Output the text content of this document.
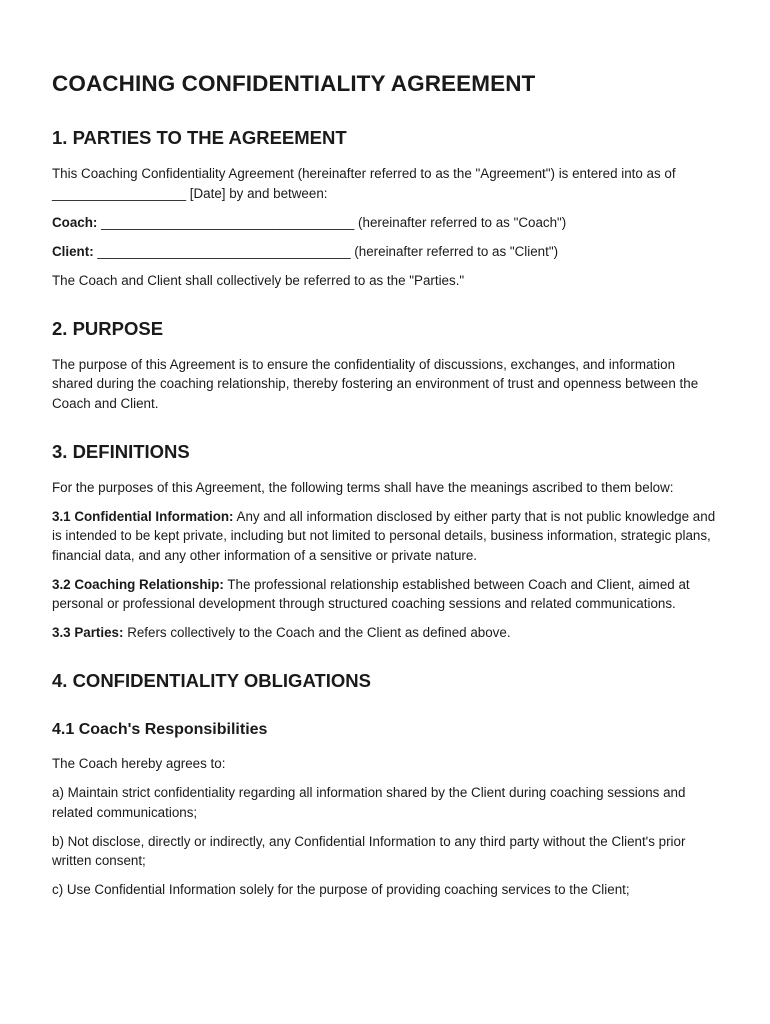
COACHING CONFIDENTIALITY AGREEMENT
1. PARTIES TO THE AGREEMENT

This Coaching Confidentiality Agreement (hereinafter referred to as the "Agreement") is entered into as of __________________ [Date] by and between:

Coach: __________________________________ (hereinafter referred to as "Coach")

Client: __________________________________ (hereinafter referred to as "Client")

The Coach and Client shall collectively be referred to as the "Parties."

2. PURPOSE

The purpose of this Agreement is to ensure the confidentiality of discussions, exchanges, and information shared during the coaching relationship, thereby fostering an environment of trust and openness between the Coach and Client.

3. DEFINITIONS

For the purposes of this Agreement, the following terms shall have the meanings ascribed to them below:

3.1 Confidential Information: Any and all information disclosed by either party that is not public knowledge and is intended to be kept private, including but not limited to personal details, business information, strategic plans, financial data, and any other information of a sensitive or private nature.

3.2 Coaching Relationship: The professional relationship established between Coach and Client, aimed at personal or professional development through structured coaching sessions and related communications.

3.3 Parties: Refers collectively to the Coach and the Client as defined above.

4. CONFIDENTIALITY OBLIGATIONS
4.1 Coach's Responsibilities

The Coach hereby agrees to:

a) Maintain strict confidentiality regarding all information shared by the Client during coaching sessions and related communications;

b) Not disclose, directly or indirectly, any Confidential Information to any third party without the Client's prior written consent;

c) Use Confidential Information solely for the purpose of providing coaching services to the Client;
